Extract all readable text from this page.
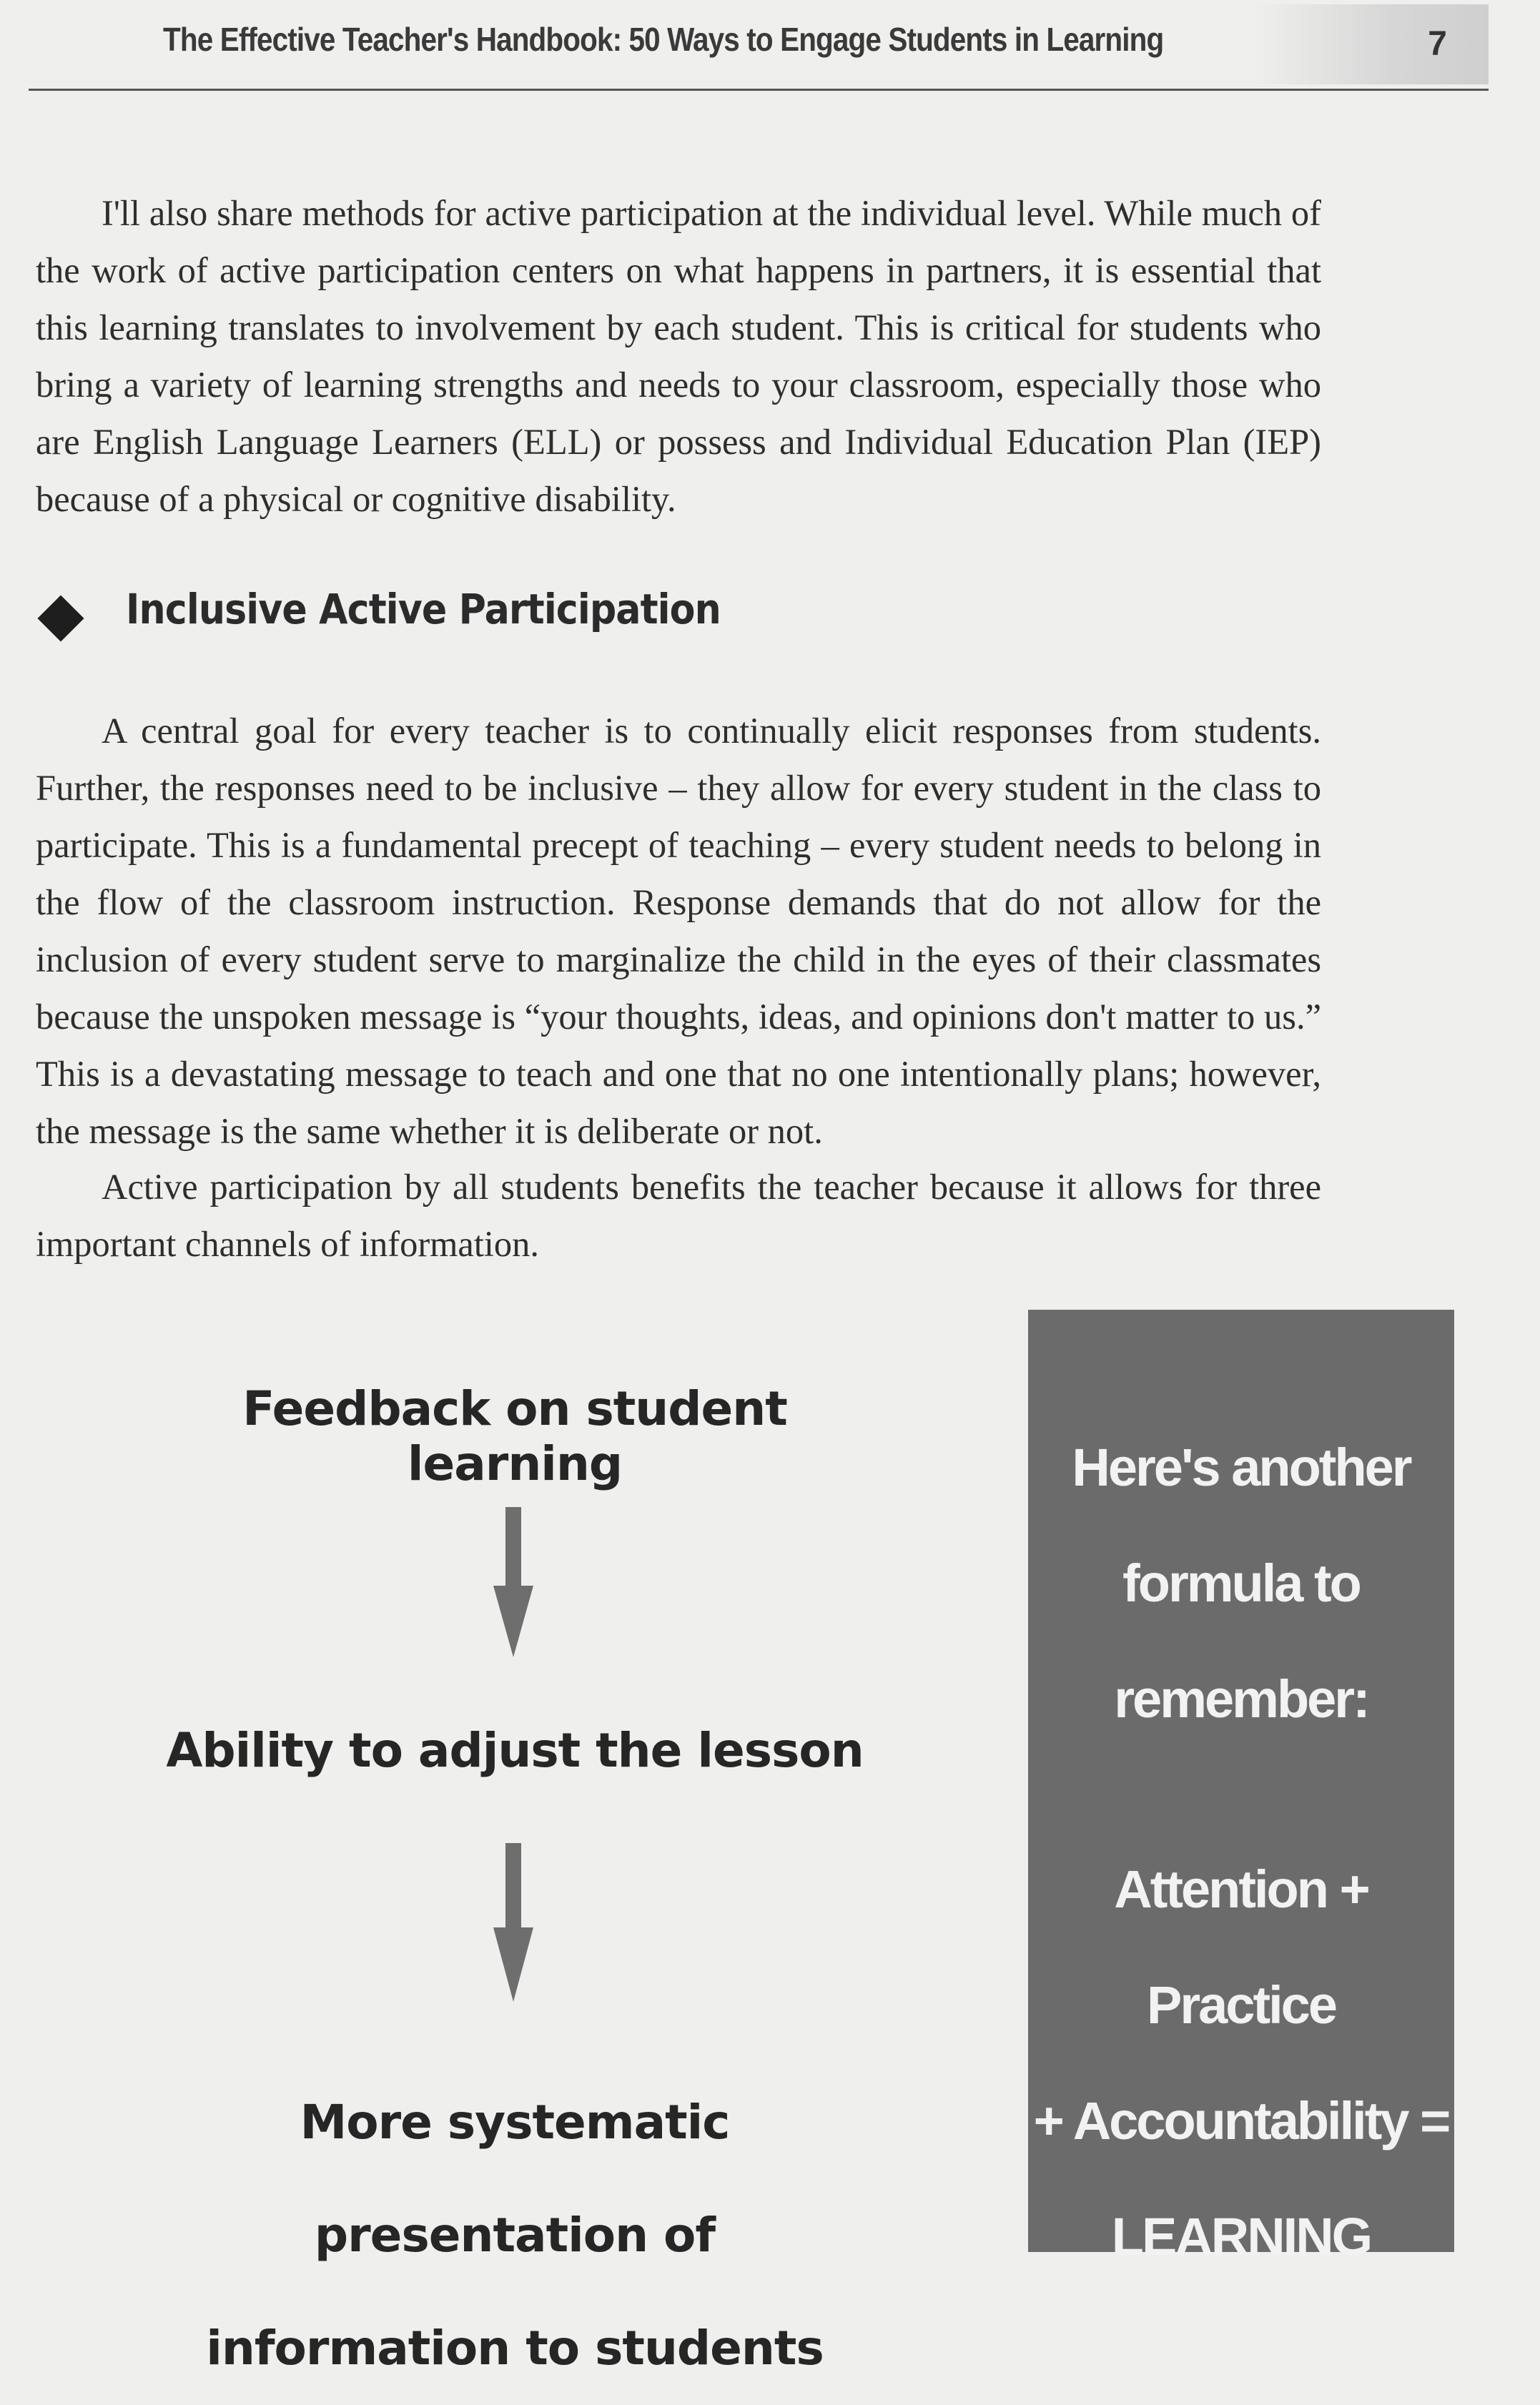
The Effective Teacher's Handbook: 50 Ways to Engage Students in Learning	7

I'll also share methods for active participation at the individual level. While much of the work of active participation centers on what happens in partners, it is essential that this learning translates to involvement by each student. This is critical for students who bring a variety of learning strengths and needs to your classroom, especially those who are English Language Learners (ELL) or possess and Individual Education Plan (IEP) because of a physical or cognitive disability.

Inclusive Active Participation

A central goal for every teacher is to continually elicit responses from students. Further, the responses need to be inclusive – they allow for every student in the class to participate. This is a fundamental precept of teaching – every student needs to belong in the flow of the classroom instruction. Response demands that do not allow for the inclusion of every student serve to marginalize the child in the eyes of their classmates because the unspoken message is “your thoughts, ideas, and opinions don't matter to us.” This is a devastating message to teach and one that no one intentionally plans; however, the message is the same whether it is deliberate or not.

Active participation by all students benefits the teacher because it allows for three important channels of information.

Feedback on student learning
Ability to adjust the lesson
More systematic presentation of
information to students
Here's another
formula to
remember:
Attention + Practice
+ Accountability =
LEARNING
